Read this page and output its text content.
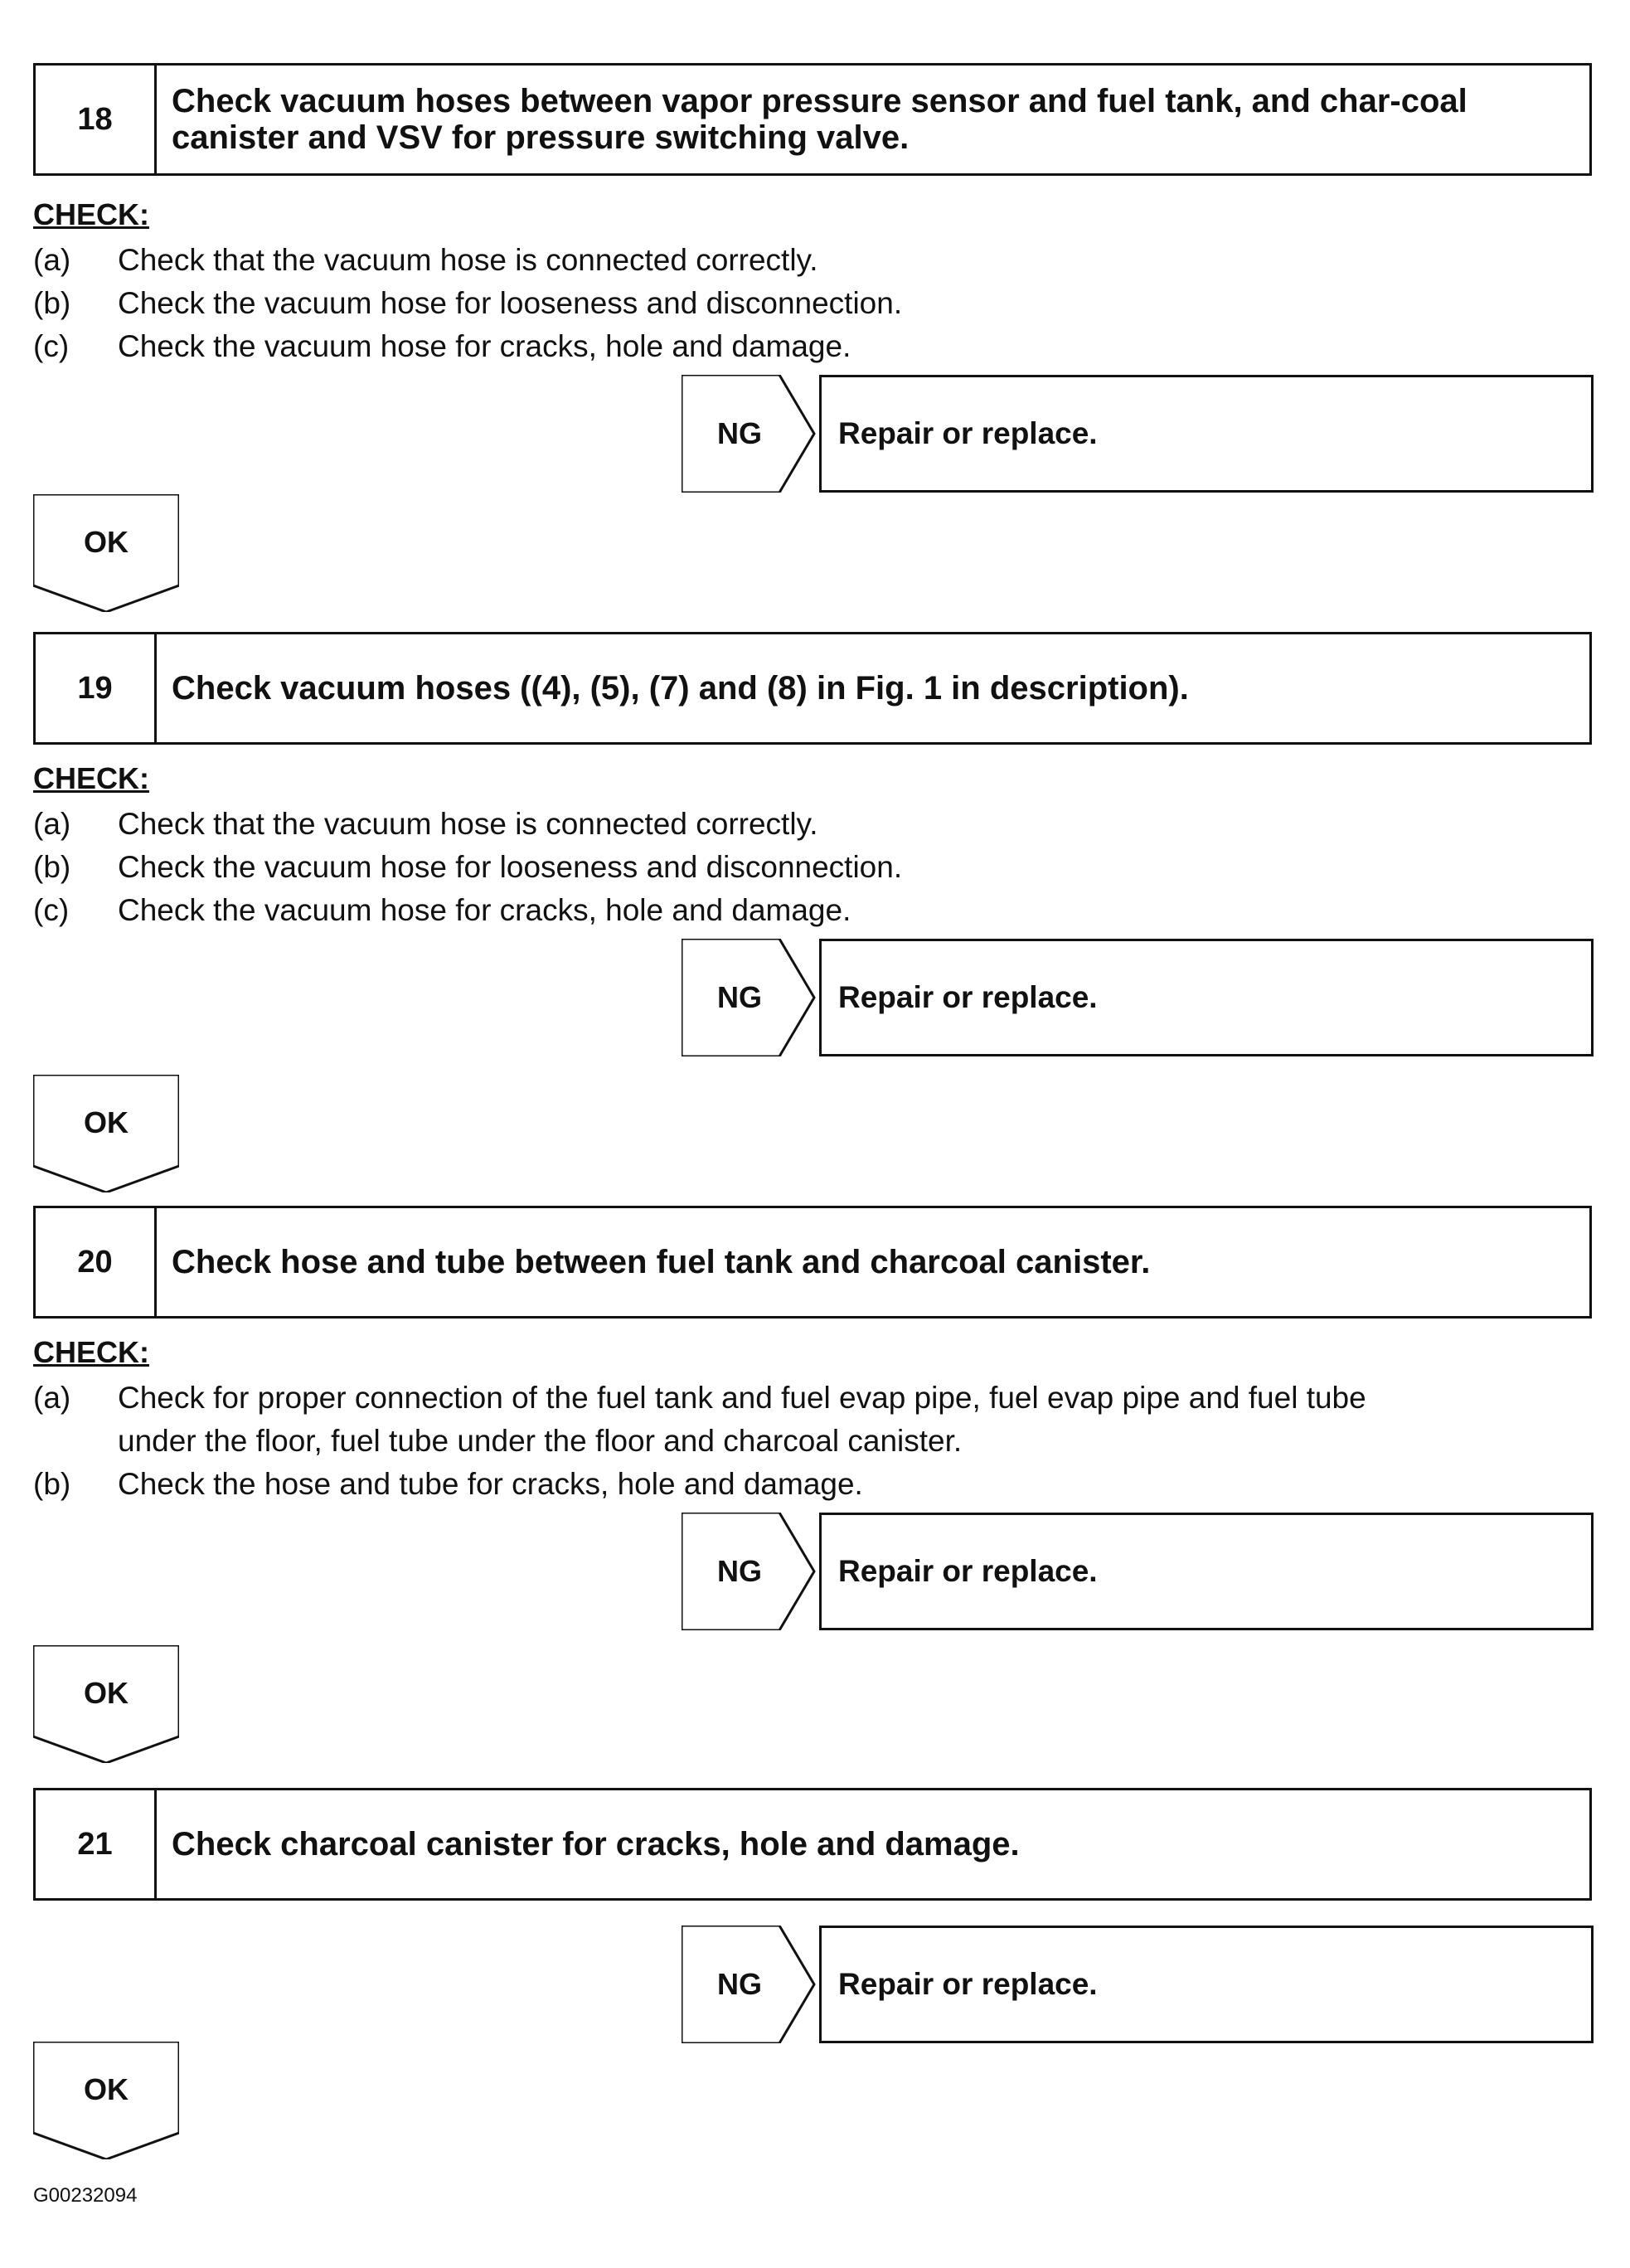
18	Check vacuum hoses between vapor pressure sensor and fuel tank, and char-coal canister and VSV for pressure switching valve.
CHECK:
(a) Check that the vacuum hose is connected correctly.
(b) Check the vacuum hose for looseness and disconnection.
(c) Check the vacuum hose for cracks, hole and damage.
NG	Repair or replace.
OK
19	Check vacuum hoses ((4), (5), (7) and (8) in Fig. 1 in description).
CHECK:
(a) Check that the vacuum hose is connected correctly.
(b) Check the vacuum hose for looseness and disconnection.
(c) Check the vacuum hose for cracks, hole and damage.
NG	Repair or replace.
OK
20	Check hose and tube between fuel tank and charcoal canister.
CHECK:
(a) Check for proper connection of the fuel tank and fuel evap pipe, fuel evap pipe and fuel tube under the floor, fuel tube under the floor and charcoal canister.
(b) Check the hose and tube for cracks, hole and damage.
NG	Repair or replace.
OK
21	Check charcoal canister for cracks, hole and damage.
NG	Repair or replace.
OK
G00232094
